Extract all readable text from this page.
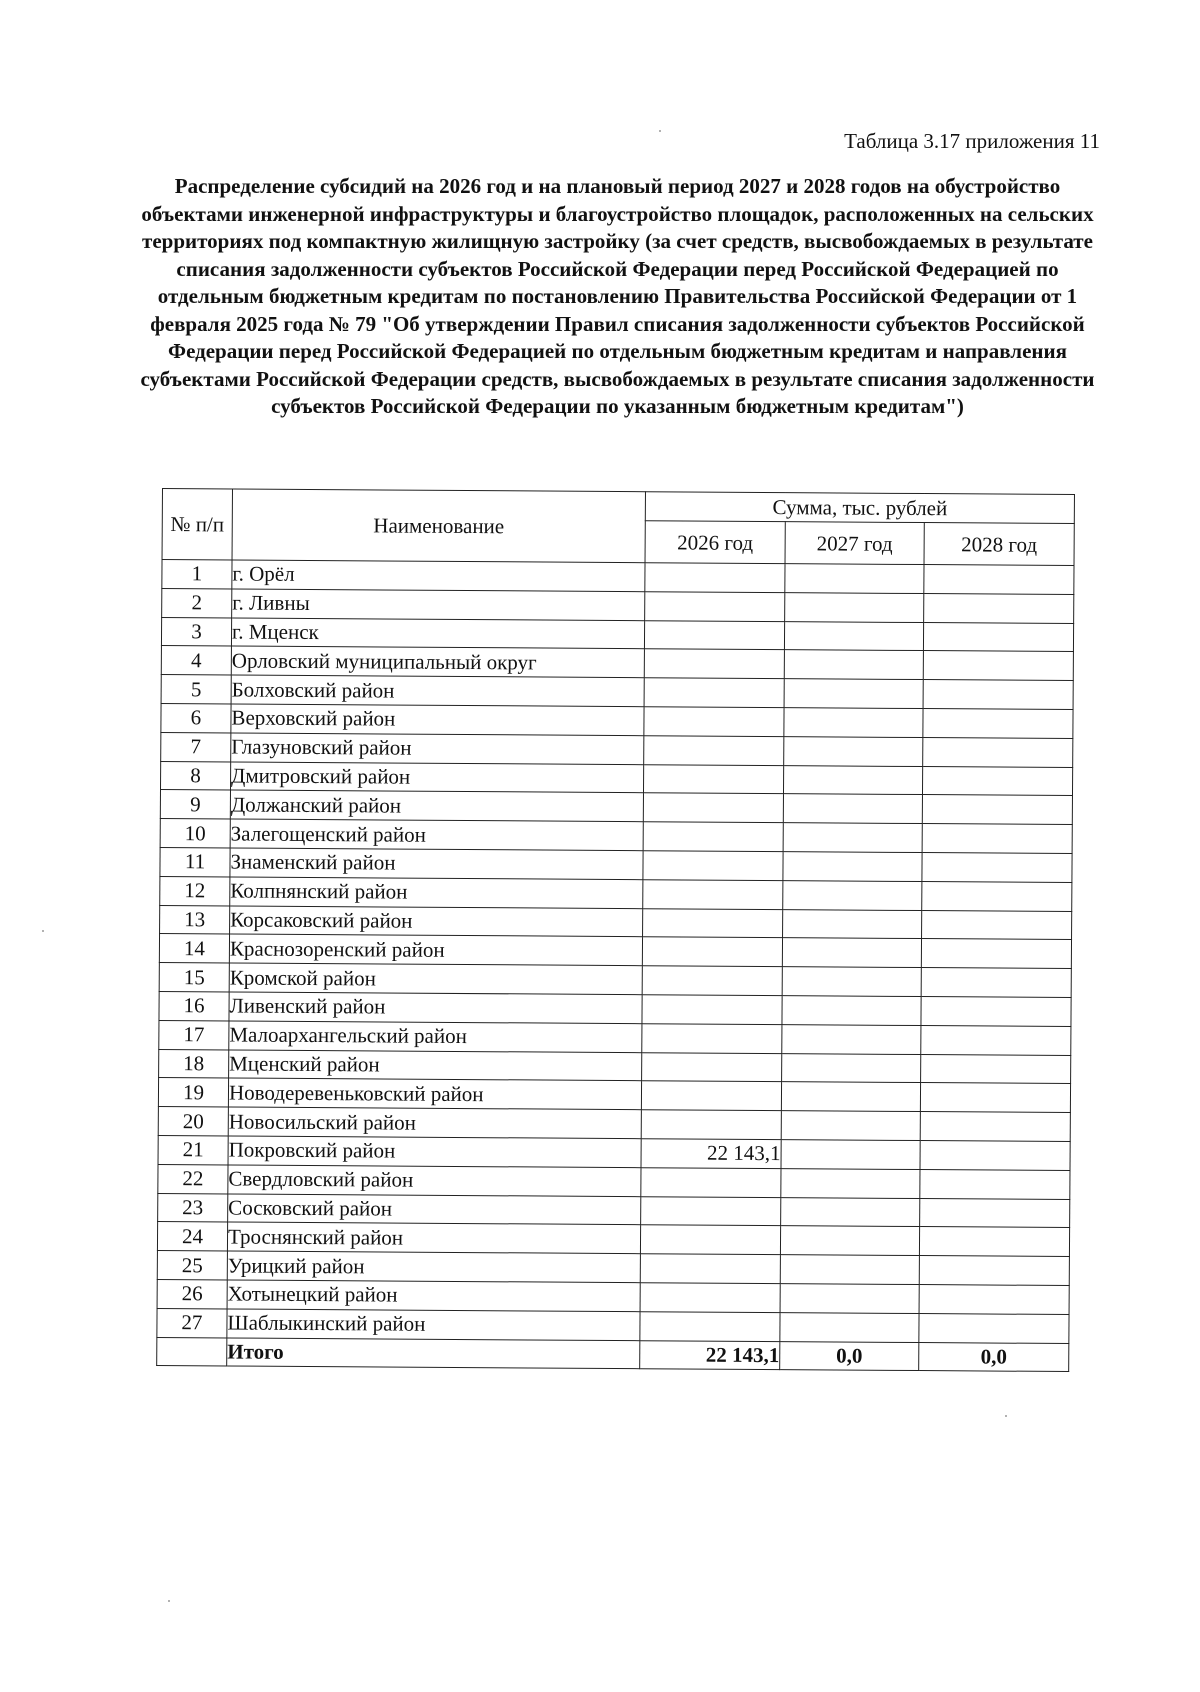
Таблица 3.17 приложения 11
Распределение субсидий на 2026 год и на плановый период 2027 и 2028 годов на обустройство объектами инженерной инфраструктуры и благоустройство площадок, расположенных на сельских территориях под компактную жилищную застройку (за счет средств, высвобождаемых в результате списания задолженности субъектов Российской Федерации перед Российской Федерацией по отдельным бюджетным кредитам по постановлению Правительства Российской Федерации от 1 февраля 2025 года № 79 "Об утверждении Правил списания задолженности субъектов Российской Федерации перед Российской Федерацией по отдельным бюджетным кредитам и направления субъектами Российской Федерации средств, высвобождаемых в результате списания задолженности субъектов Российской Федерации по указанным бюджетным кредитам")
№ п/п	Наименование	Сумма, тыс. рублей		
		2026 год	2027 год	2028 год
1	г. Орёл			
2	г. Ливны			
3	г. Мценск			
4	Орловский муниципальный округ			
5	Болховский район			
6	Верховский район			
7	Глазуновский район			
8	Дмитровский район			
9	Должанский район			
10	Залегощенский район			
11	Знаменский район			
12	Колпнянский район			
13	Корсаковский район			
14	Краснозоренский район			
15	Кромской район			
16	Ливенский район			
17	Малоархангельский район			
18	Мценский район			
19	Новодеревеньковский район			
20	Новосильский район			
21	Покровский район	22 143,1		
22	Свердловский район			
23	Сосковский район			
24	Троснянский район			
25	Урицкий район			
26	Хотынецкий район			
27	Шаблыкинский район			
	Итого	22 143,1	0,0	0,0
